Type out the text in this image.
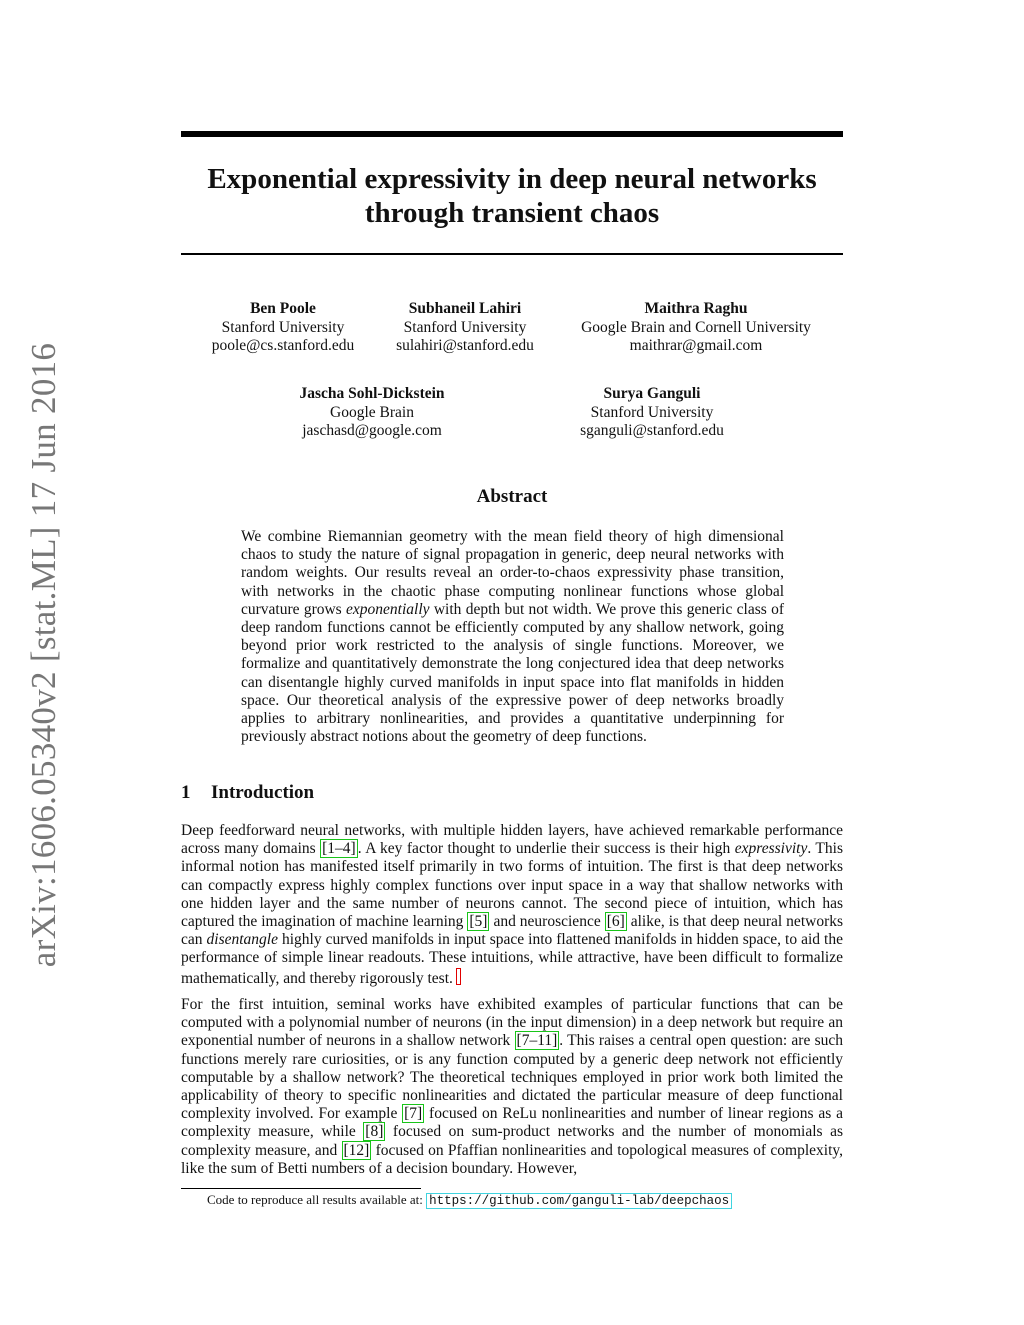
arXiv:1606.05340v2 [stat.ML] 17 Jun 2016
Exponential expressivity in deep neural networks through transient chaos
Ben Poole
Stanford University
poole@cs.stanford.edu
Subhaneil Lahiri
Stanford University
sulahiri@stanford.edu
Maithra Raghu
Google Brain and Cornell University
maithrar@gmail.com
Jascha Sohl-Dickstein
Google Brain
jaschasd@google.com
Surya Ganguli
Stanford University
sganguli@stanford.edu
Abstract
We combine Riemannian geometry with the mean field theory of high dimensional chaos to study the nature of signal propagation in generic, deep neural networks with random weights. Our results reveal an order-to-chaos expressivity phase transition, with networks in the chaotic phase computing nonlinear functions whose global curvature grows exponentially with depth but not width. We prove this generic class of deep random functions cannot be efficiently computed by any shallow network, going beyond prior work restricted to the analysis of single functions. Moreover, we formalize and quantitatively demonstrate the long conjectured idea that deep networks can disentangle highly curved manifolds in input space into flat manifolds in hidden space. Our theoretical analysis of the expressive power of deep networks broadly applies to arbitrary nonlinearities, and provides a quantitative underpinning for previously abstract notions about the geometry of deep functions.
1 Introduction
Deep feedforward neural networks, with multiple hidden layers, have achieved remarkable performance across many domains [1–4] . A key factor thought to underlie their success is their high expressivity. This informal notion has manifested itself primarily in two forms of intuition. The first is that deep networks can compactly express highly complex functions over input space in a way that shallow networks with one hidden layer and the same number of neurons cannot. The second piece of intuition, which has captured the imagination of machine learning [5] and neuroscience [6] alike, is that deep neural networks can disentangle highly curved manifolds in input space into flattened manifolds in hidden space, to aid the performance of simple linear readouts. These intuitions, while attractive, have been difficult to formalize mathematically, and thereby rigorously test.
For the first intuition, seminal works have exhibited examples of particular functions that can be computed with a polynomial number of neurons (in the input dimension) in a deep network but require an exponential number of neurons in a shallow network [7–11] . This raises a central open question: are such functions merely rare curiosities, or is any function computed by a generic deep network not efficiently computable by a shallow network? The theoretical techniques employed in prior work both limited the applicability of theory to specific nonlinearities and dictated the particular measure of deep functional complexity involved. For example [7] focused on ReLu nonlinearities and number of linear regions as a complexity measure, while [8] focused on sum-product networks and the number of monomials as complexity measure, and [12] focused on Pfaffian nonlinearities and topological measures of complexity, like the sum of Betti numbers of a decision boundary. However,
Code to reproduce all results available at: https://github.com/ganguli-lab/deepchaos
